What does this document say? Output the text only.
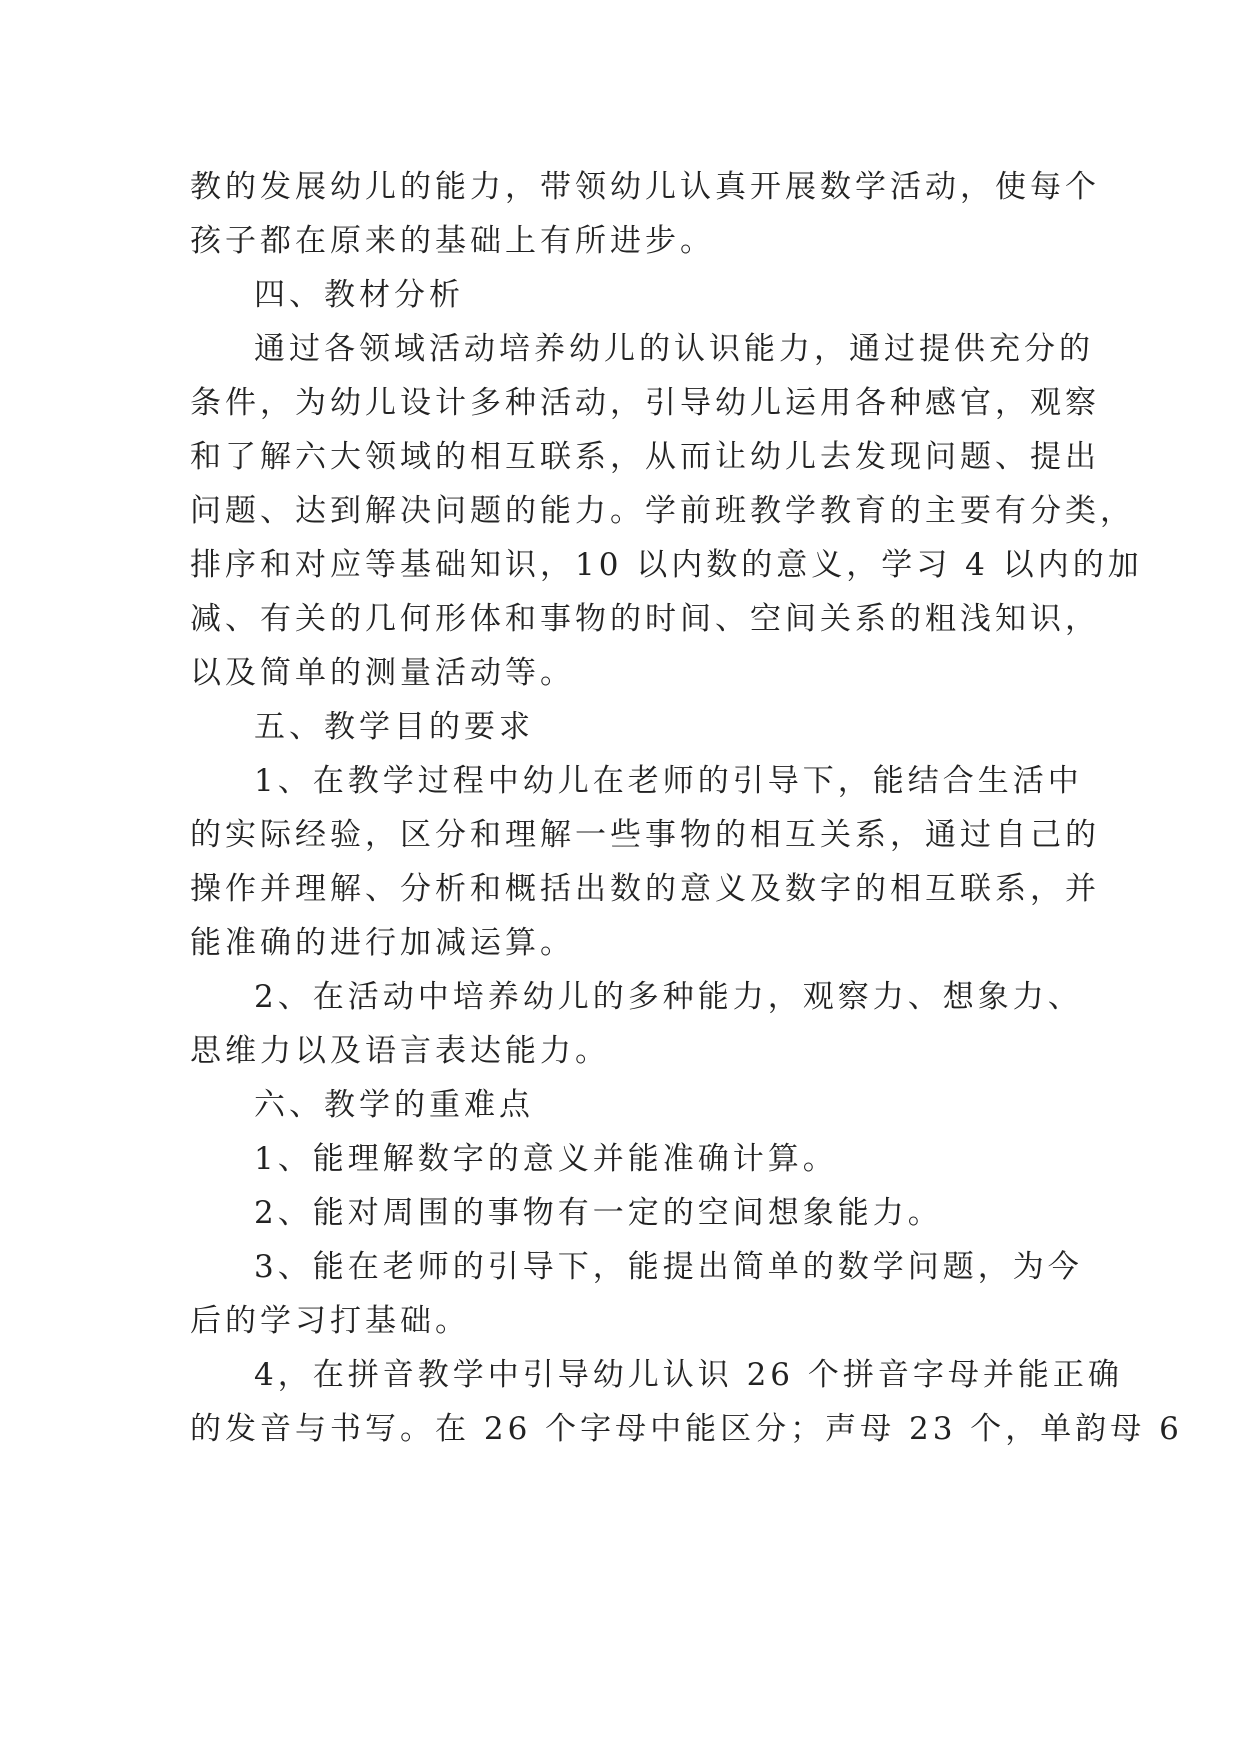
教的发展幼儿的能力，带领幼儿认真开展数学活动，使每个
孩子都在原来的基础上有所进步。
四、教材分析
通过各领域活动培养幼儿的认识能力，通过提供充分的
条件，为幼儿设计多种活动，引导幼儿运用各种感官，观察
和了解六大领域的相互联系，从而让幼儿去发现问题、提出
问题、达到解决问题的能力。学前班教学教育的主要有分类，
排序和对应等基础知识，10 以内数的意义，学习 4 以内的加
减、有关的几何形体和事物的时间、空间关系的粗浅知识，
以及简单的测量活动等。
五、教学目的要求
1、在教学过程中幼儿在老师的引导下，能结合生活中
的实际经验，区分和理解一些事物的相互关系，通过自己的
操作并理解、分析和概括出数的意义及数字的相互联系，并
能准确的进行加减运算。
2、在活动中培养幼儿的多种能力，观察力、想象力、
思维力以及语言表达能力。
六、教学的重难点
1、能理解数字的意义并能准确计算。
2、能对周围的事物有一定的空间想象能力。
3、能在老师的引导下，能提出简单的数学问题，为今
后的学习打基础。
4，在拼音教学中引导幼儿认识 26 个拼音字母并能正确
的发音与书写。在 26 个字母中能区分；声母 23 个，单韵母 6
